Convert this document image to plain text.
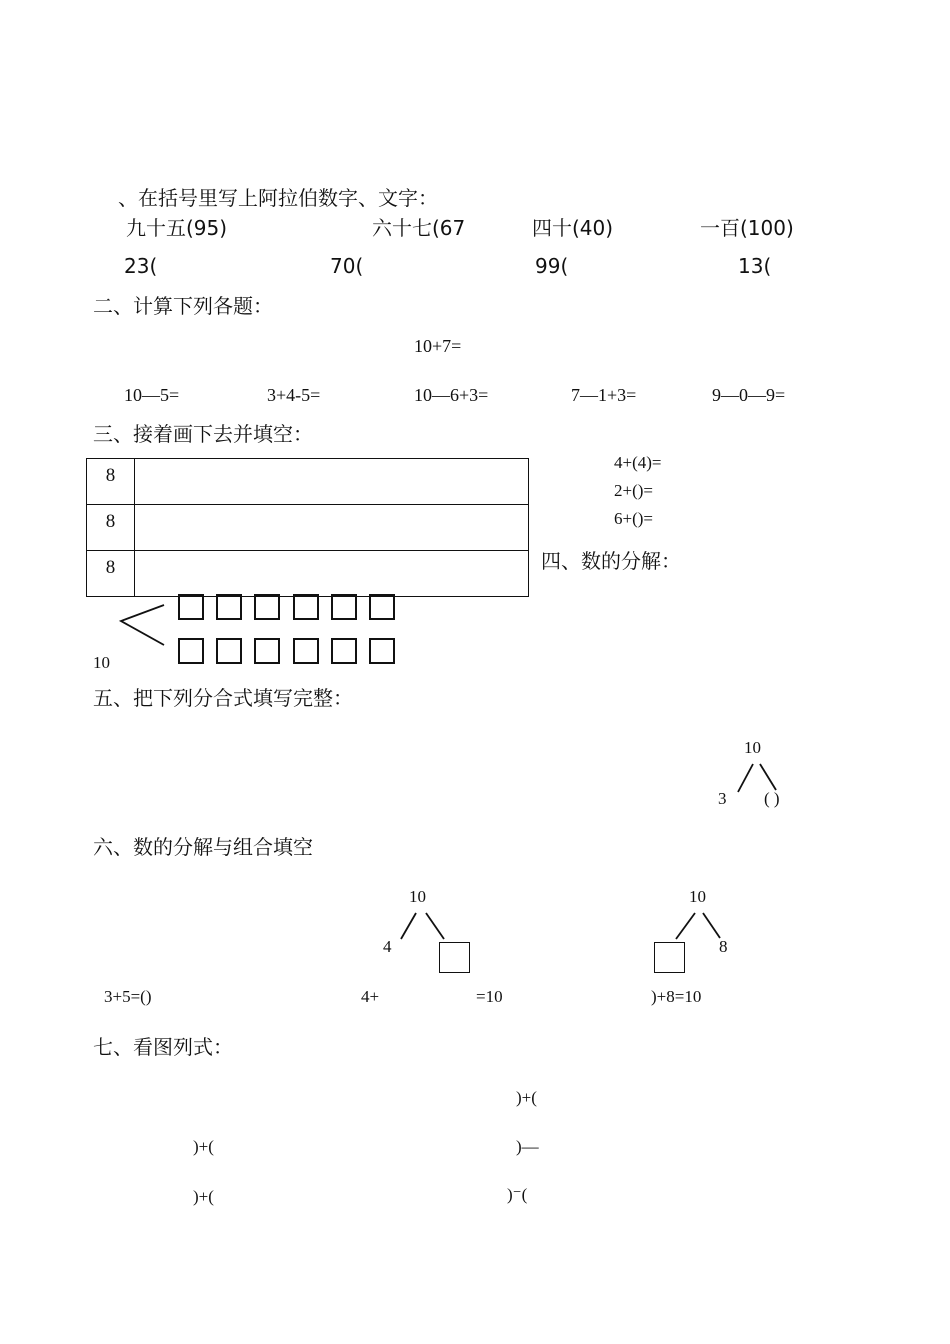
、在括号里写上阿拉伯数字、文字：
九十五(95)	六十七(67	四十(40)	一百(100)
23(	70(	99(	13(
二、计算下列各题：
10+7=
10—5=	3+4-5=	10—6+3=	7—1+3=	9—0—9=
三、接着画下去并填空：
8	
8	
8	
4+(4)=
2+()=
6+()=
四、数的分解：
10
五、把下列分合式填写完整：
10
3 ( )
六、数的分解与组合填空
10
4
10
8
3+5=()	4+	=10	)+8=10
七、看图列式：
)+(
)+(	)—
)+(	)⁻(
